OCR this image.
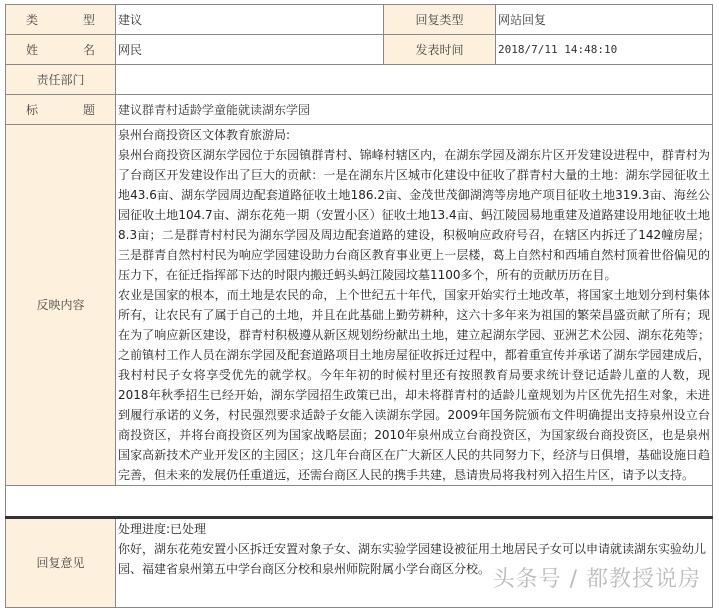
类　　型	建议	回复类型	网站回复
姓　　名	网民	发表时间	2018/7/11 14:48:10
责任部门			
标　　题	建议群青村适龄学童能就读湖东学园		
反映内容	泉州台商投资区文体教育旅游局:
泉州台商投资区湖东学园位于东园镇群青村、锦峰村辖区内，在湖东学园及湖东片区开发建设进程中，群青村为了台商区开发建设作出了巨大的贡献：一是在湖东片区城市化建设中征收了群青村大量的土地：湖东学园征收土地43.6亩、湖东学园周边配套道路征收土地186.2亩、金茂世茂御湖湾等房地产项目征收土地319.3亩、海丝公园征收土地104.7亩、湖东花苑一期（安置小区）征收土地13.4亩、蚂江陵园易地重建及道路建设用地征收土地8.3亩；二是群青村村民为湖东学园及周边配套道路的建设，积极响应政府号召，在辖区内拆迁了142幢房屋；三是群青自然村村民为响应学园建设助力台商区教育事业更上一层楼，葛上自然村和西埔自然村顶着世俗偏见的压力下，在征迁指挥部下达的时限内搬迁蚂头蚂江陵园坟墓1100多个，所有的贡献历历在目。
农业是国家的根本，而土地是农民的命，上个世纪五十年代，国家开始实行土地改革，将国家土地划分到村集体所有，让农民有了属于自己的土地，并且在此基础上勤劳耕种，这六十多年来为祖国的繁荣昌盛贡献了所有；现在为了响应新区建设，群青村积极遵从新区规划纷纷献出土地，建立起湖东学园、亚洲艺术公园、湖东花苑等；之前镇村工作人员在湖东学园及配套道路项目土地房屋征收拆迁过程中，都着重宣传并承诺了湖东学园建成后，我村村民子女将享受优先的就学权。今年年初的时候村里还有按照教育局要求统计登记适龄儿童的人数，现2018年秋季招生已经开始，湖东学园招生政策已出，却未将群青村的适龄儿童规划为片区优先招生对象，未进到履行承诺的义务，村民强烈要求适龄子女能入读湖东学园。2009年国务院颁布文件明确提出支持泉州设立台商投资区，并将台商投资区列为国家战略层面；2010年泉州成立台商投资区，为国家级台商投资区，也是泉州国家高新技术产业开发区的主园区；这几年台商区在广大新区人民的共同努力下，经济与日俱增，基础设施日趋完善，但未来的发展仍任重道远，还需台商区人民的携手共建，恳请贵局将我村列入招生片区，请予以支持。		

回复意见	处理进度:已处理
你好，湖东花苑安置小区拆迁安置对象子女、湖东实验学园建设被征用土地居民子女可以申请就读湖东实验幼儿园、福建省泉州第五中学台商区分校和泉州师院附属小学台商区分校。		头条号 / 都教授说房
